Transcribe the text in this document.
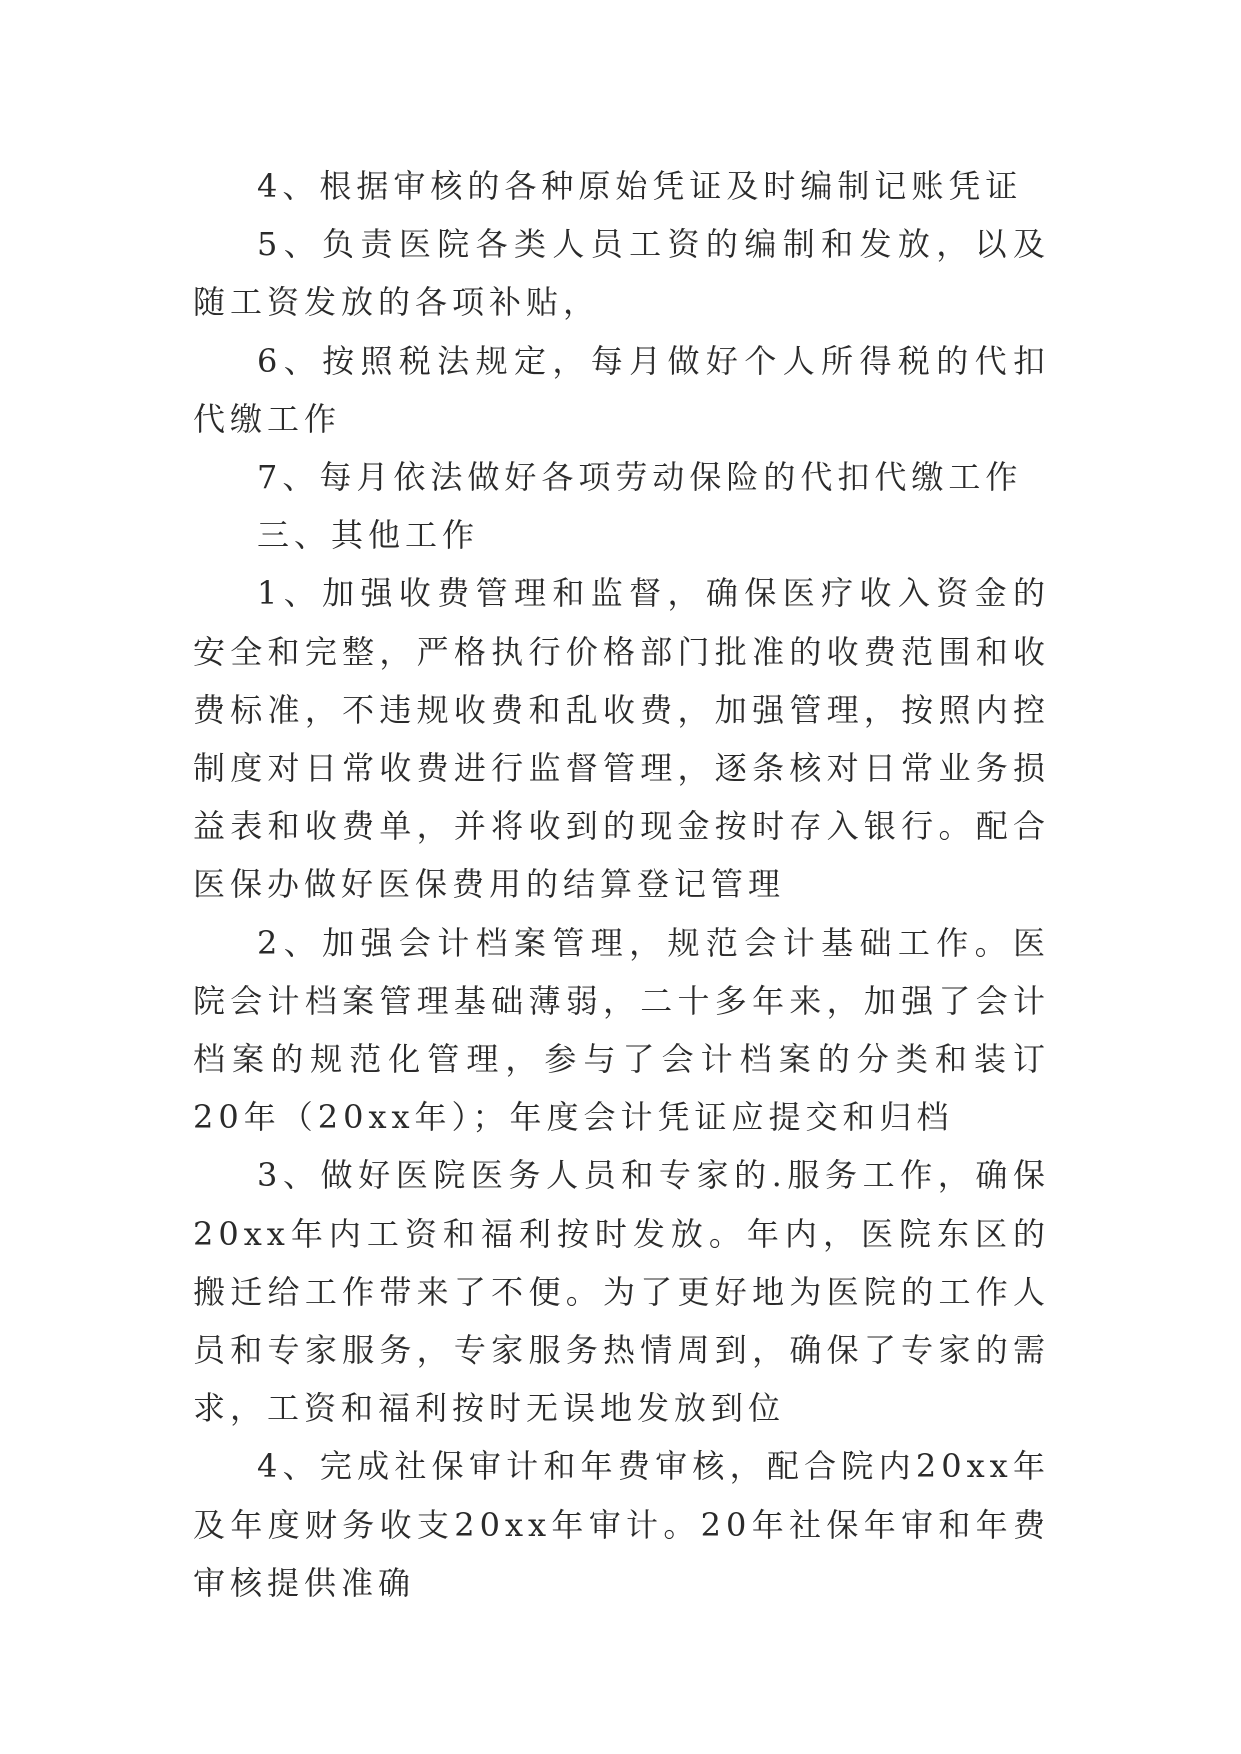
4、根据审核的各种原始凭证及时编制记账凭证

5、负责医院各类人员工资的编制和发放，以及随工资发放的各项补贴，

6、按照税法规定，每月做好个人所得税的代扣代缴工作

7、每月依法做好各项劳动保险的代扣代缴工作

三、其他工作

1、加强收费管理和监督，确保医疗收入资金的安全和完整，严格执行价格部门批准的收费范围和收费标准，不违规收费和乱收费，加强管理，按照内控制度对日常收费进行监督管理，逐条核对日常业务损益表和收费单，并将收到的现金按时存入银行。配合医保办做好医保费用的结算登记管理

2、加强会计档案管理，规范会计基础工作。医院会计档案管理基础薄弱，二十多年来，加强了会计档案的规范化管理，参与了会计档案的分类和装订20年（20xx年）；年度会计凭证应提交和归档

3、做好医院医务人员和专家的.服务工作，确保20xx年内工资和福利按时发放。年内，医院东区的搬迁给工作带来了不便。为了更好地为医院的工作人员和专家服务，专家服务热情周到，确保了专家的需求，工资和福利按时无误地发放到位

4、完成社保审计和年费审核，配合院内20xx年及年度财务收支20xx年审计。20年社保年审和年费审核提供准确
